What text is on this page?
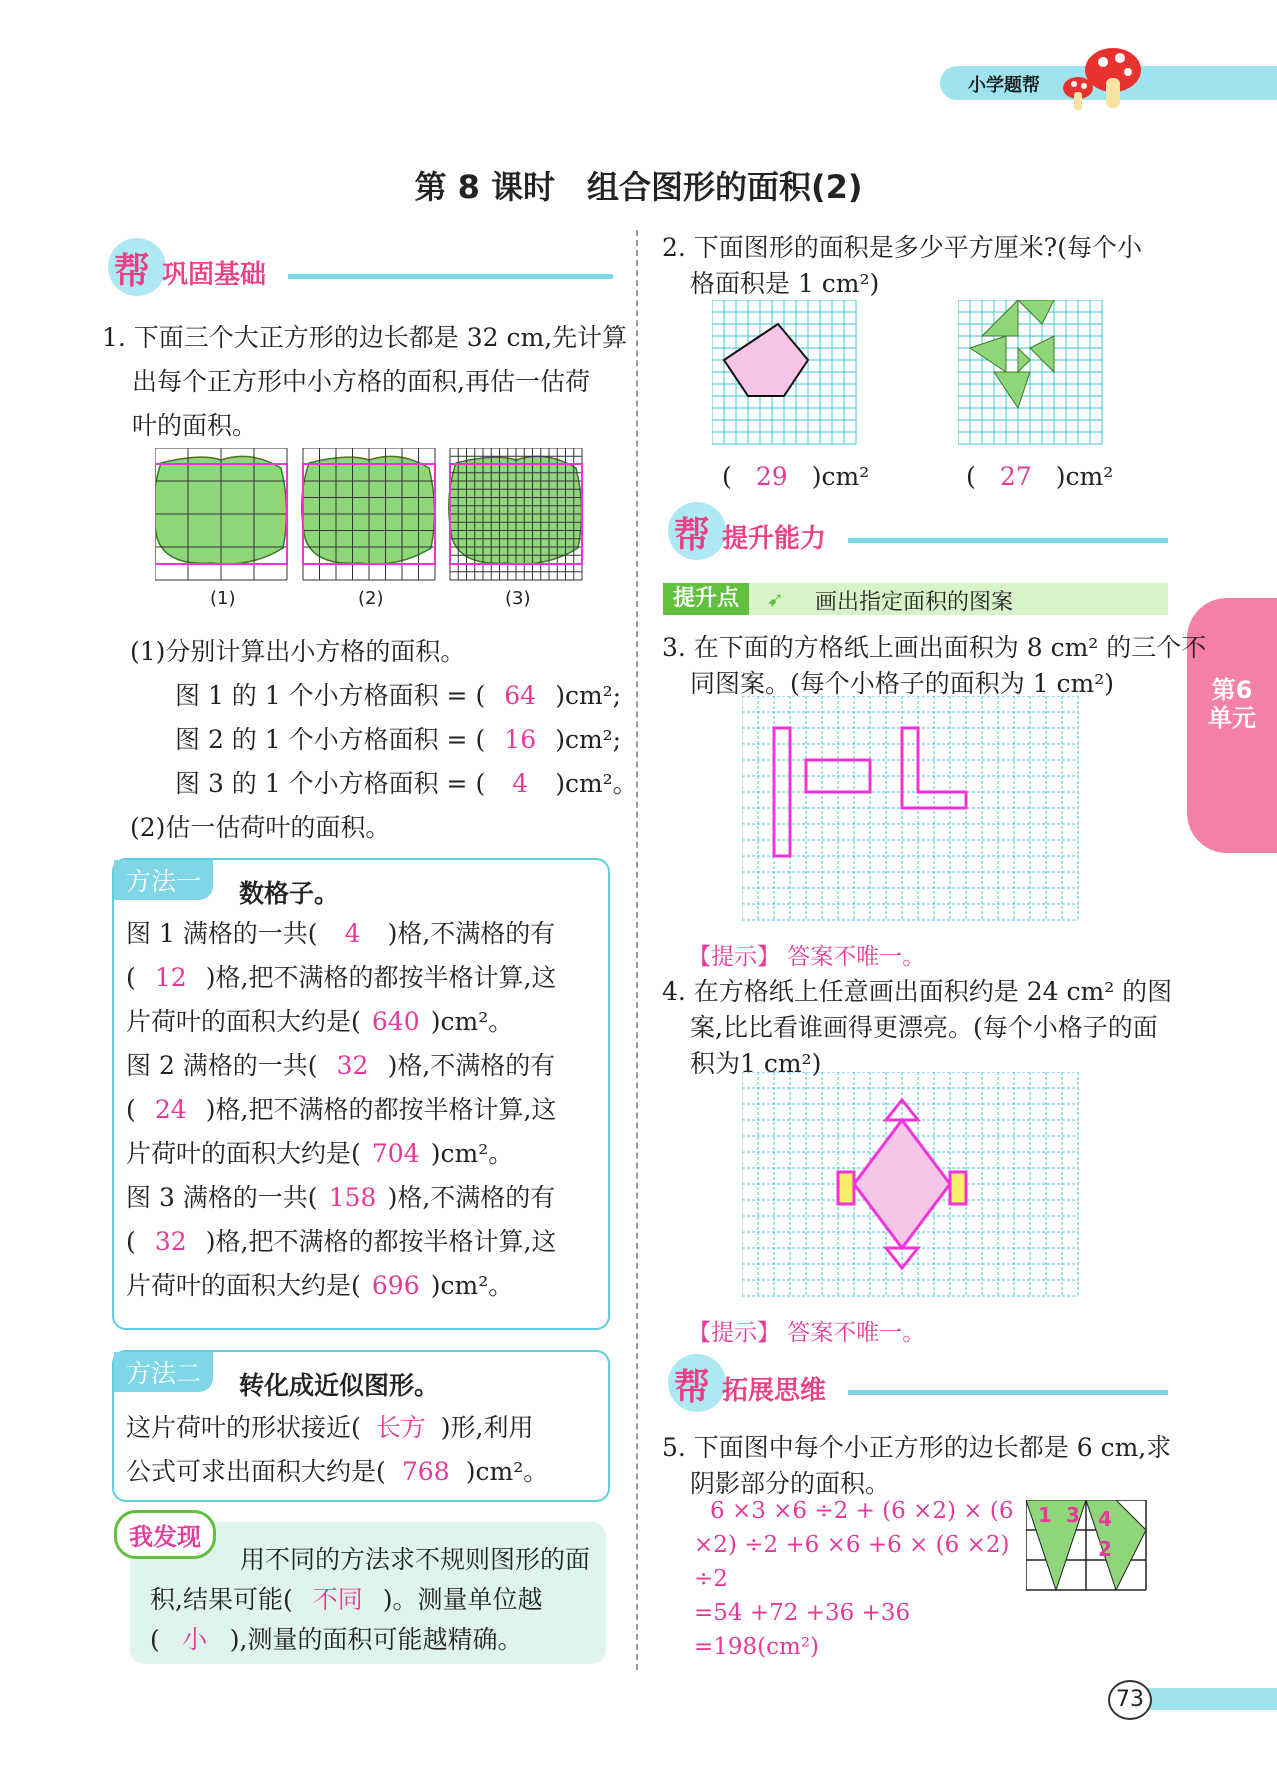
小学题帮
第 8 课时　组合图形的面积(2)
第6单元
帮 巩固基础
1. 下面三个大正方形的边长都是 32 cm,先计算
出每个正方形中小方格的面积,再估一估荷
叶的面积。
(1)	(2)	(3)
(1)分别计算出小方格的面积。
图 1 的 1 个小方格面积 = ( 64 )cm²;
图 2 的 1 个小方格面积 = ( 16 )cm²;
图 3 的 1 个小方格面积 = ( 4 )cm²。
(2)估一估荷叶的面积。
方法一	数格子。
图 1 满格的一共( 4 )格,不满格的有
( 12 )格,把不满格的都按半格计算,这
片荷叶的面积大约是( 640 )cm²。
图 2 满格的一共( 32 )格,不满格的有
( 24 )格,把不满格的都按半格计算,这
片荷叶的面积大约是( 704 )cm²。
图 3 满格的一共( 158 )格,不满格的有
( 32 )格,把不满格的都按半格计算,这
片荷叶的面积大约是( 696 )cm²。
方法二	转化成近似图形。
这片荷叶的形状接近( 长方 )形,利用
公式可求出面积大约是( 768 )cm²。
我发现
用不同的方法求不规则图形的面
积,结果可能( 不同 )。测量单位越
( 小 ),测量的面积可能越精确。
2. 下面图形的面积是多少平方厘米?(每个小
格面积是 1 cm²)
( 29 )cm²	( 27 )cm²
帮 提升能力
提升点	➹ 画出指定面积的图案
3. 在下面的方格纸上画出面积为 8 cm² 的三个不
同图案。(每个小格子的面积为 1 cm²)
【提示】 答案不唯一。
4. 在方格纸上任意画出面积约是 24 cm² 的图
案,比比看谁画得更漂亮。(每个小格子的面
积为1 cm²)
【提示】 答案不唯一。
帮 拓展思维
5. 下面图中每个小正方形的边长都是 6 cm,求
阴影部分的面积。
6 ×3 ×6 ÷2 + (6 ×2) × (6
×2) ÷2 +6 ×6 +6 × (6 ×2)
÷2
=54 +72 +36 +36
=198(cm²)
1 3 4
2
73
